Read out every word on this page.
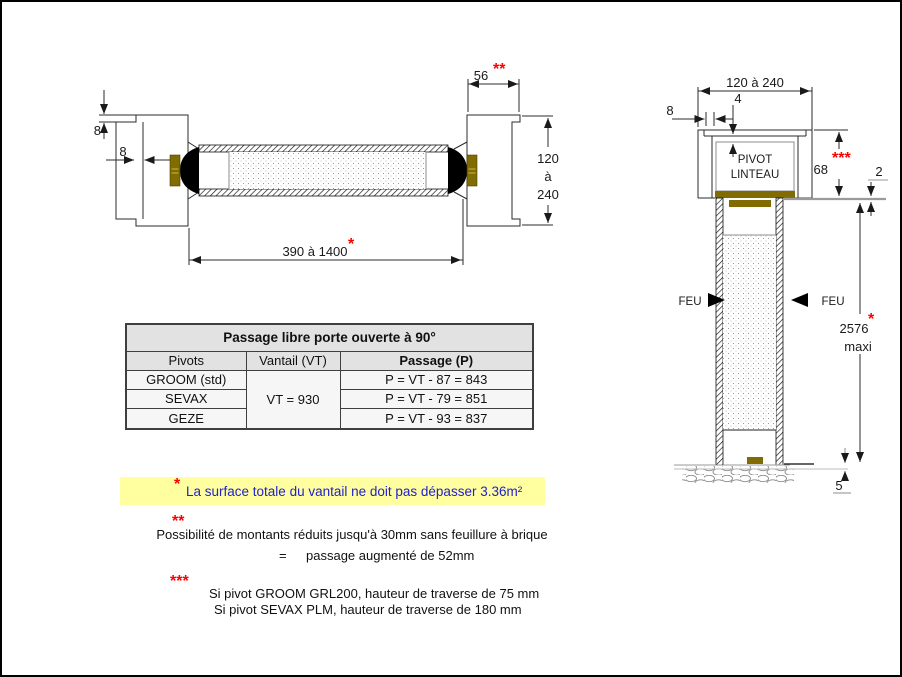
8
8
56 **
120
à
240
390 à 1400 *
120 à 240
4
8
68
***
2
PIVOT
LINTEAU
FEU	FEU
2576
*
maxi
5
Passage libre porte ouverte à 90°		
Pivots	Vantail (VT)	Passage (P)
GROOM (std)	VT = 930	P = VT - 87 = 843
SEVAX		P = VT - 79 = 851
GEZE		P = VT - 93 = 837
* La surface totale du vantail ne doit pas dépasser 3.36m²
**
Possibilité de montants réduits jusqu'à 30mm sans feuillure à brique
= passage augmenté de 52mm
***
Si pivot GROOM GRL200, hauteur de traverse de 75 mm
Si pivot SEVAX PLM, hauteur de traverse de 180 mm
